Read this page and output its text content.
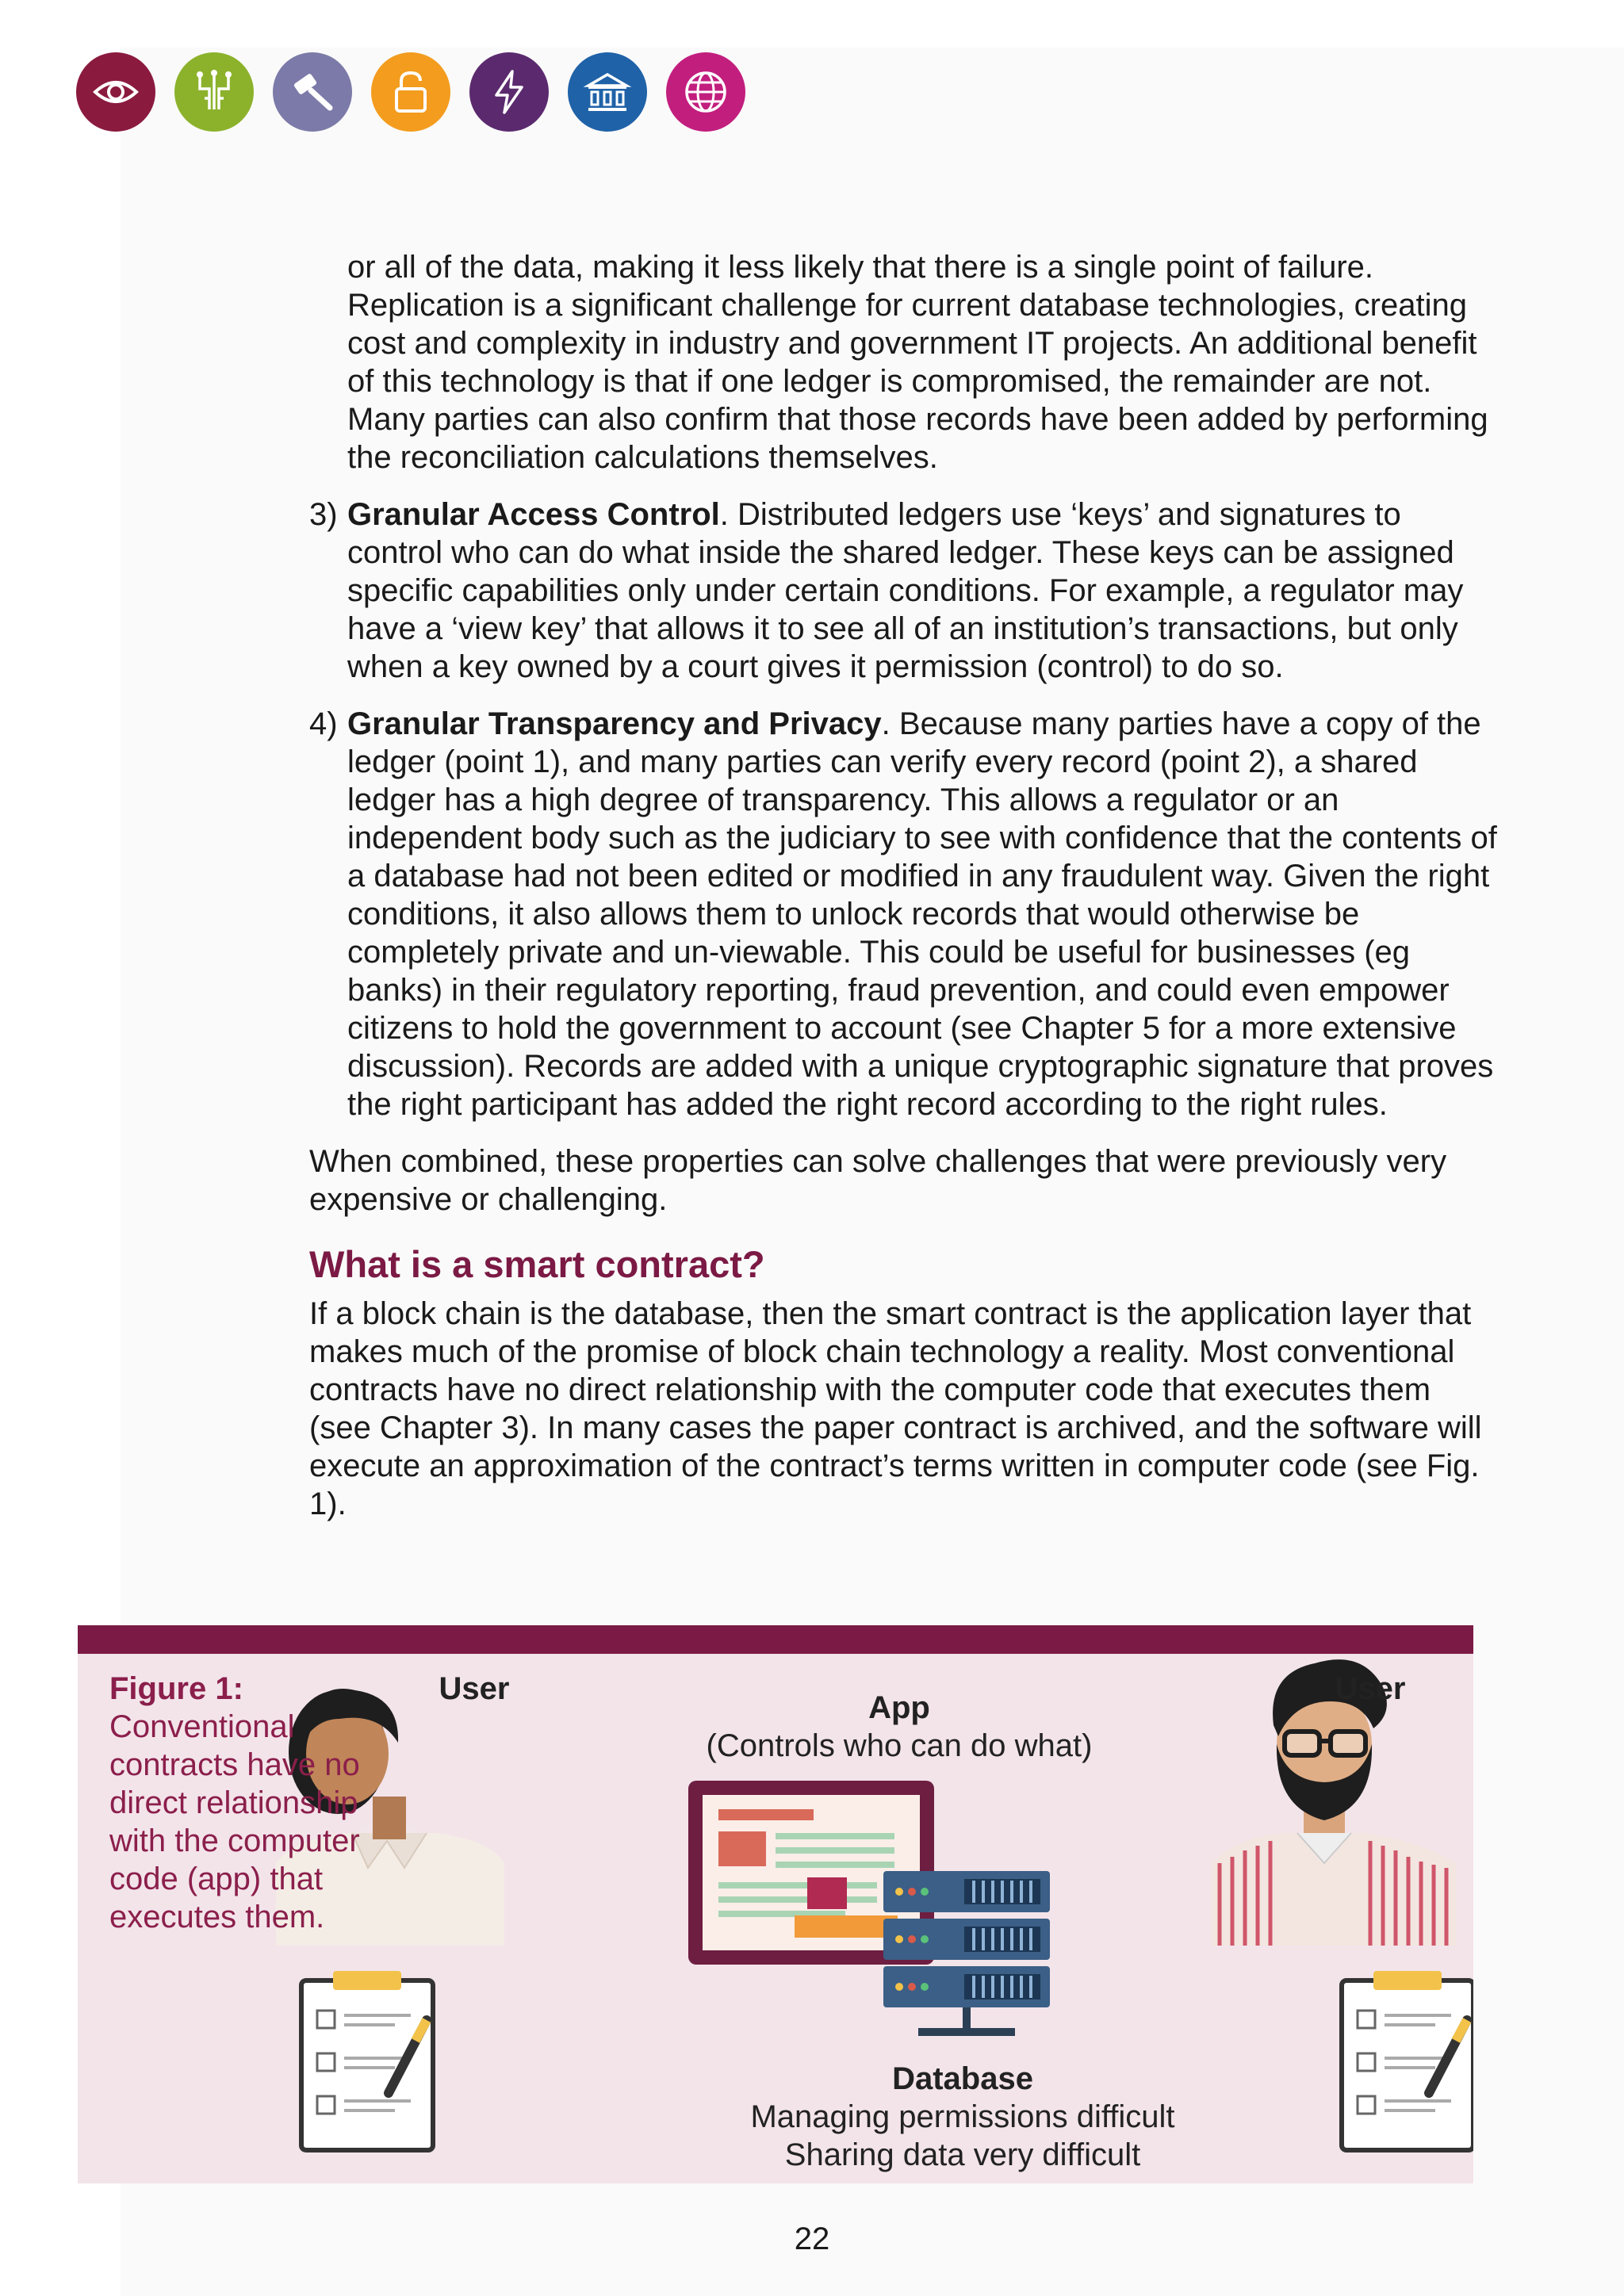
or all of the data, making it less likely that there is a single point of failure. Replication is a significant challenge for current database technologies, creating cost and complexity in industry and government IT projects. An additional benefit of this technology is that if one ledger is compromised, the remainder are not. Many parties can also confirm that those records have been added by performing the reconciliation calculations themselves.

3) Granular Access Control. Distributed ledgers use ‘keys’ and signatures to control who can do what inside the shared ledger. These keys can be assigned specific capabilities only under certain conditions. For example, a regulator may have a ‘view key’ that allows it to see all of an institution’s transactions, but only when a key owned by a court gives it permission (control) to do so.
4) Granular Transparency and Privacy. Because many parties have a copy of the ledger (point 1), and many parties can verify every record (point 2), a shared ledger has a high degree of transparency. This allows a regulator or an independent body such as the judiciary to see with confidence that the contents of a database had not been edited or modified in any fraudulent way. Given the right conditions, it also allows them to unlock records that would otherwise be completely private and un-viewable. This could be useful for businesses (eg banks) in their regulatory reporting, fraud prevention, and could even empower citizens to hold the government to account (see Chapter 5 for a more extensive discussion). Records are added with a unique cryptographic signature that proves the right participant has added the right record according to the right rules.

When combined, these properties can solve challenges that were previously very expensive or challenging.

What is a smart contract?

If a block chain is the database, then the smart contract is the application layer that makes much of the promise of block chain technology a reality. Most conventional contracts have no direct relationship with the computer code that executes them (see Chapter 3). In many cases the paper contract is archived, and the software will execute an approximation of the contract’s terms written in computer code (see Fig. 1).

Figure 1:
Conventional contracts have no direct relationship with the computer code (app) that executes them.
User	User
App
(Controls who can do what)
Database
Managing permissions difficult
Sharing data very difficult
22
